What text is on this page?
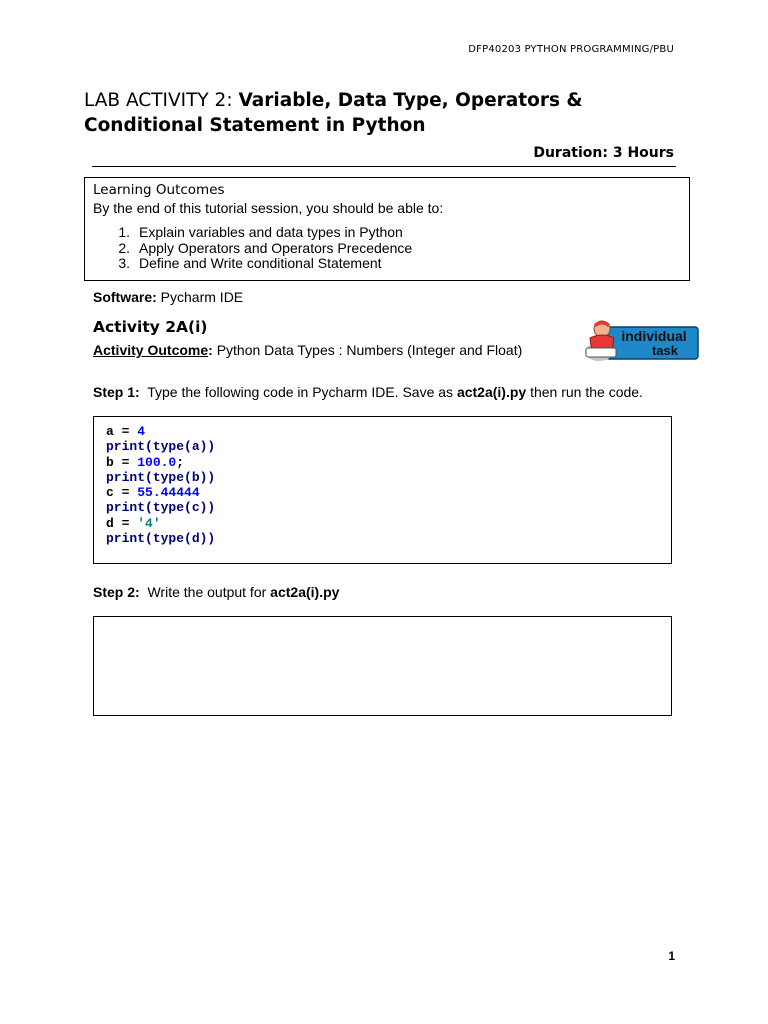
DFP40203 PYTHON PROGRAMMING/PBU
LAB ACTIVITY 2: Variable, Data Type, Operators &
Conditional Statement in Python
Duration: 3 Hours

Learning Outcomes

By the end of this tutorial session, you should be able to:

1. Explain variables and data types in Python
2. Apply Operators and Operators Precedence
3. Define and Write conditional Statement
Software: Pycharm IDE
Activity 2A(i)
Activity Outcome: Python Data Types : Numbers (Integer and Float)
individual
task
Step 1:  Type the following code in Pycharm IDE. Save as act2a(i).py then run the code.
a = 4
print(type(a))
b = 100.0;
print(type(b))
c = 55.44444
print(type(c))
d = '4'
print(type(d))
Step 2:  Write the output for act2a(i).py
1
